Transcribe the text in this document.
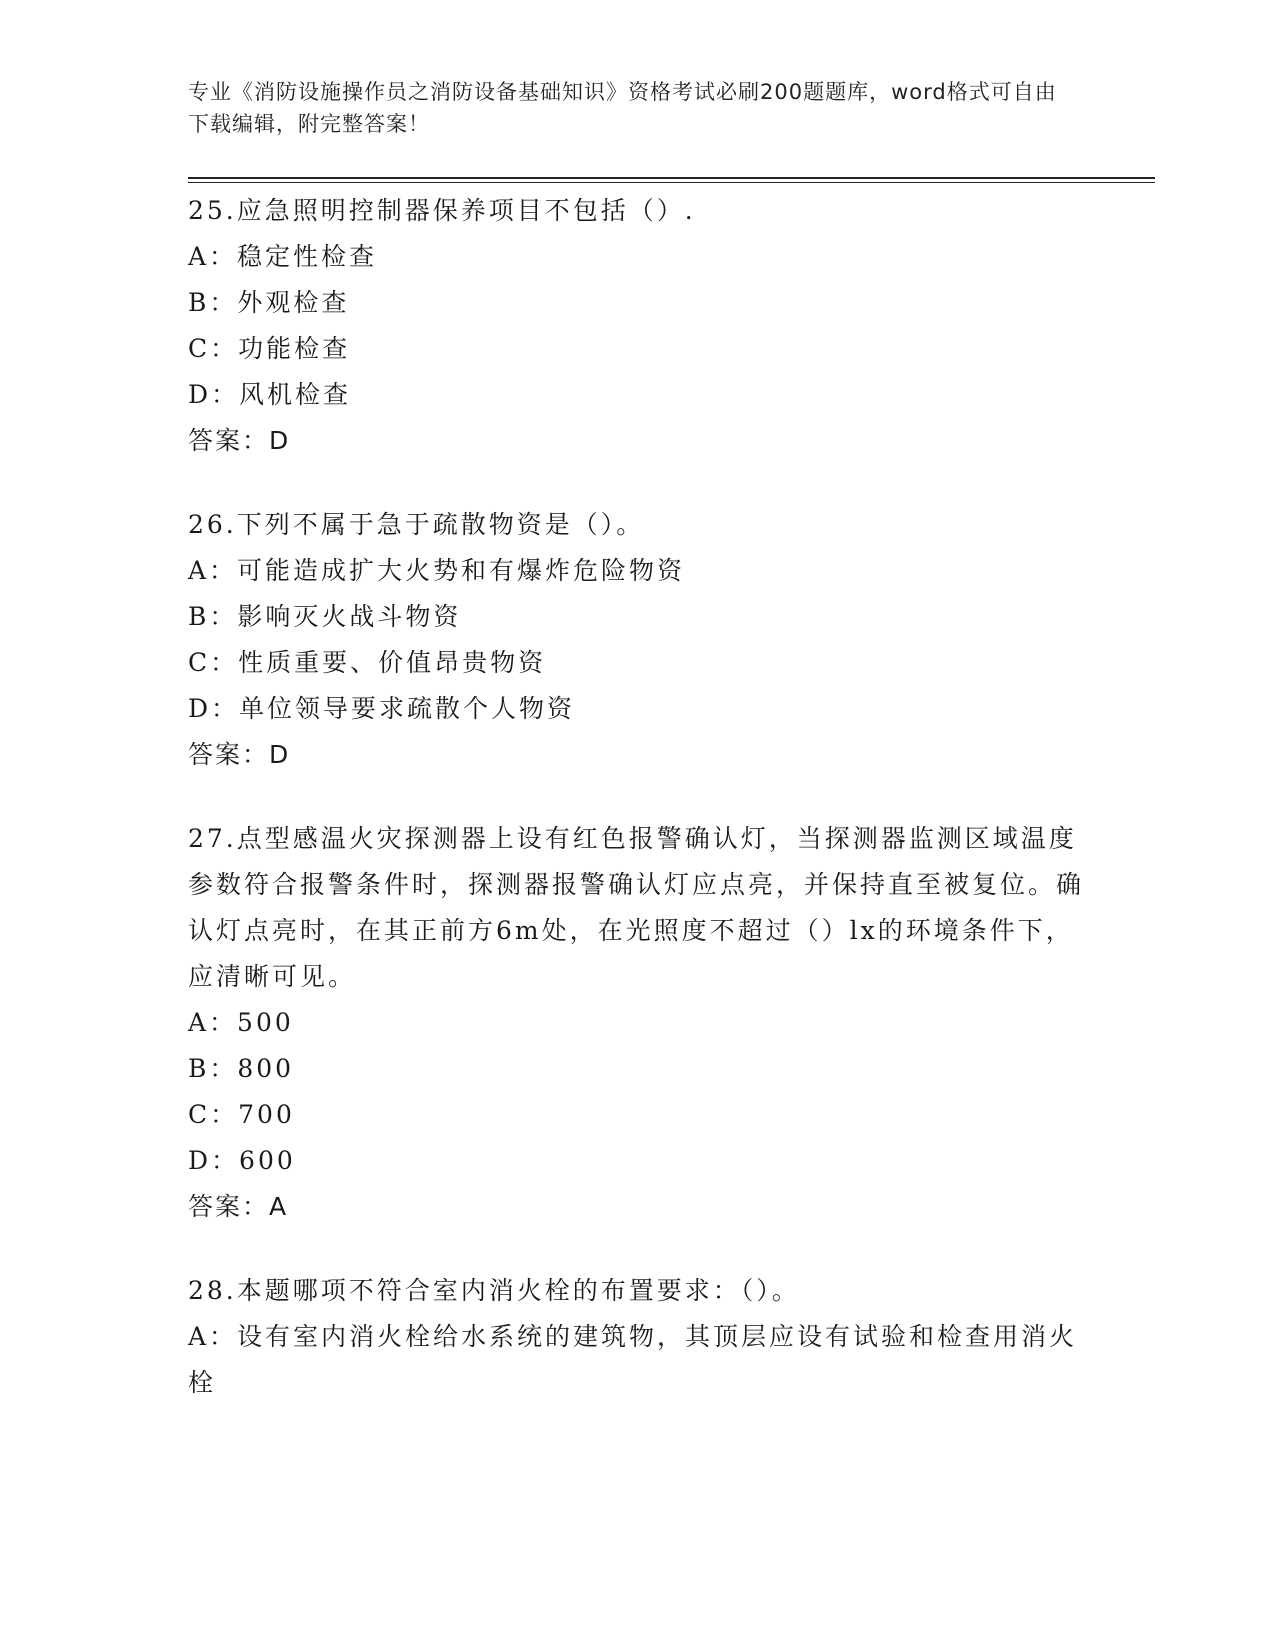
专业《消防设施操作员之消防设备基础知识》资格考试必刷200题题库，word格式可自由下载编辑，附完整答案！
25.应急照明控制器保养项目不包括（）.
A：稳定性检查
B：外观检查
C：功能检查
D：风机检查
答案：D
26.下列不属于急于疏散物资是（）。
A：可能造成扩大火势和有爆炸危险物资
B：影响灭火战斗物资
C：性质重要、价值昂贵物资
D：单位领导要求疏散个人物资
答案：D
27.点型感温火灾探测器上设有红色报警确认灯，当探测器监测区域温度参数符合报警条件时，探测器报警确认灯应点亮，并保持直至被复位。确认灯点亮时，在其正前方6m处，在光照度不超过（）lx的环境条件下，应清晰可见。
A：500
B：800
C：700
D：600
答案：A
28.本题哪项不符合室内消火栓的布置要求：（）。
A：设有室内消火栓给水系统的建筑物，其顶层应设有试验和检查用消火栓
